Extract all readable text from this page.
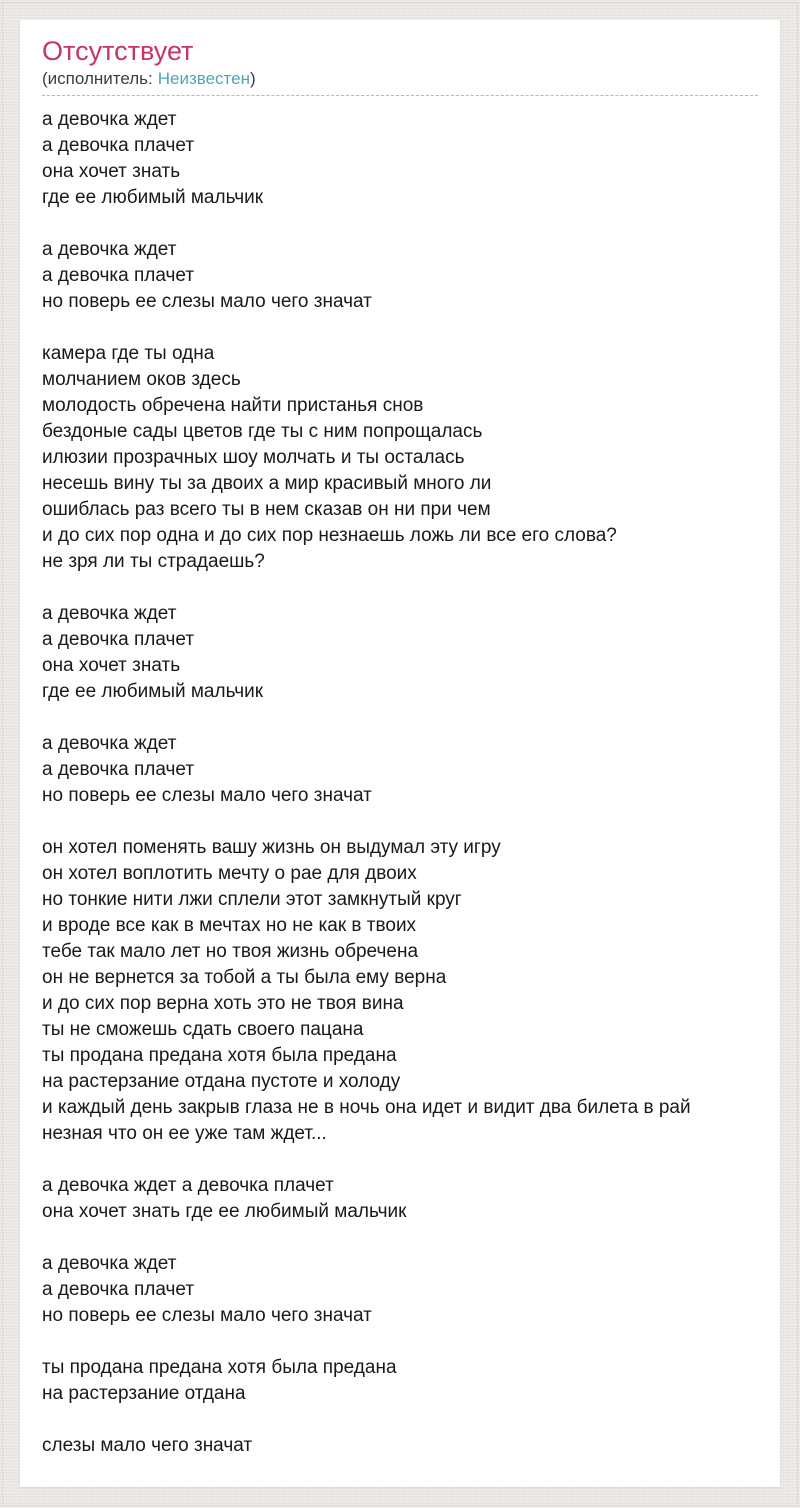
Отсутствует

(исполнитель: Неизвестен)

а девочка ждет
а девочка плачет
она хочет знать
где ее любимый мальчик

а девочка ждет
а девочка плачет
но поверь ее слезы мало чего значат

камера где ты одна
молчанием оков здесь
молодость обречена найти пристанья снов
бездоные сады цветов где ты с ним попрощалась
илюзии прозрачных шоу молчать и ты осталась
несешь вину ты за двоих а мир красивый много ли
ошиблась раз всего ты в нем сказав он ни при чем
и до сих пор одна и до сих пор незнаешь ложь ли все его слова?
не зря ли ты страдаешь?

а девочка ждет
а девочка плачет
она хочет знать
где ее любимый мальчик

а девочка ждет
а девочка плачет
но поверь ее слезы мало чего значат

он хотел поменять вашу жизнь он выдумал эту игру
он хотел воплотить мечту о рае для двоих
но тонкие нити лжи сплели этот замкнутый круг
и вроде все как в мечтах но не как в твоих
тебе так мало лет но твоя жизнь обречена
он не вернется за тобой а ты была ему верна
и до сих пор верна хоть это не твоя вина
ты не сможешь сдать своего пацана
ты продана предана хотя была предана
на растерзание отдана пустоте и холоду
и каждый день закрыв глаза не в ночь она идет и видит два билета в рай
незная что он ее уже там ждет...

а девочка ждет а девочка плачет
она хочет знать где ее любимый мальчик

а девочка ждет
а девочка плачет
но поверь ее слезы мало чего значат

ты продана предана хотя была предана
на растерзание отдана

слезы мало чего значат
